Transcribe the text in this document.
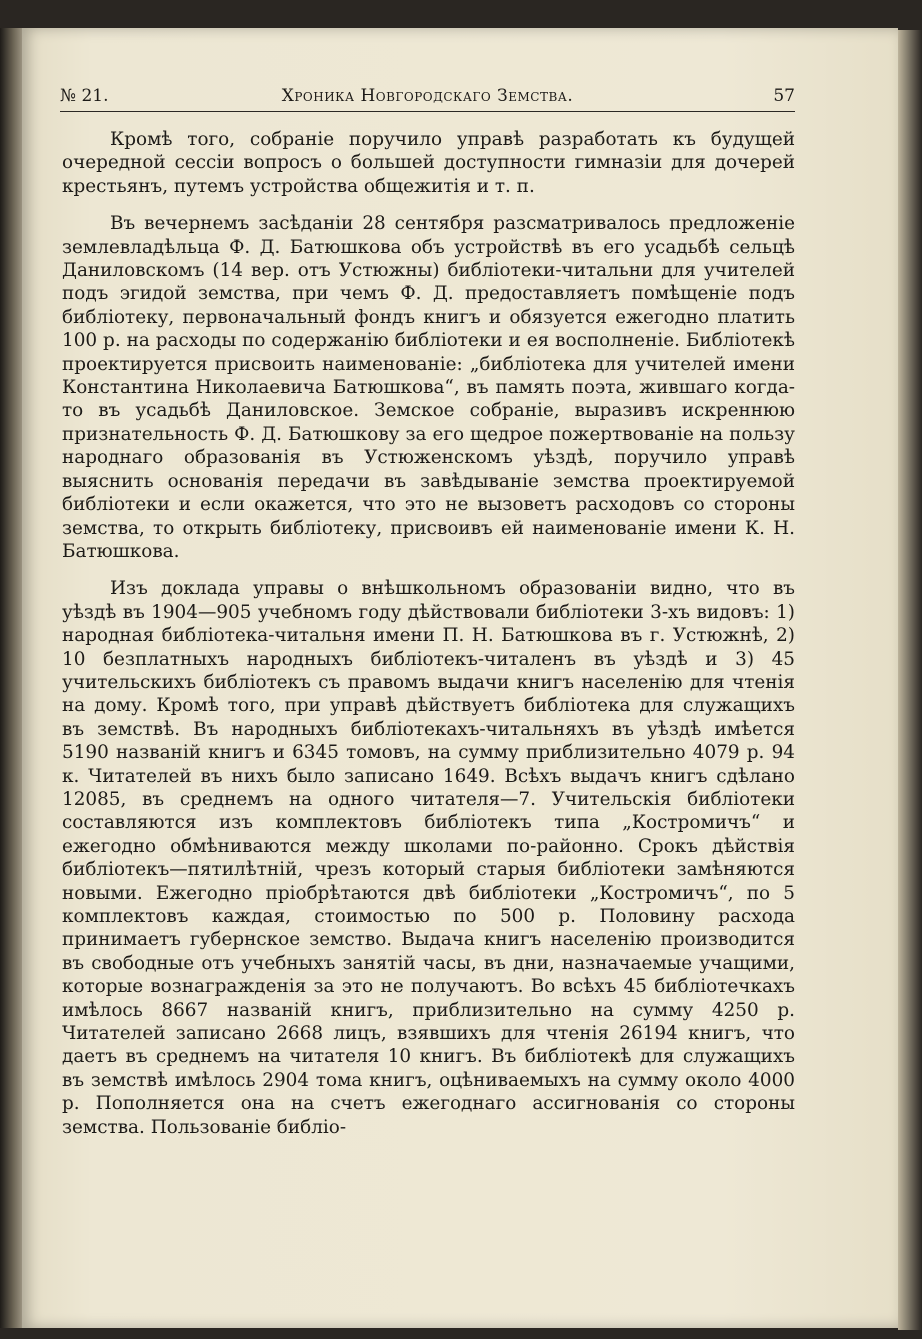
№ 21.	Хроника Новгородскаго Земства.	57

Кромѣ того, собраніе поручило управѣ разработать къ будущей очередной сессіи вопросъ о большей доступности гимназіи для дочерей крестьянъ, путемъ устройства общежитія и т. п.

Въ вечернемъ засѣданіи 28 сентября разсматривалось предложеніе землевладѣльца Ф. Д. Батюшкова объ устройствѣ въ его усадьбѣ сельцѣ Даниловскомъ (14 вер. отъ Устюжны) библіотеки-читальни для учителей подъ эгидой земства, при чемъ Ф. Д. предоставляетъ помѣщеніе подъ библіотеку, первоначальный фондъ книгъ и обязуется ежегодно платить 100 р. на расходы по содержанію библіотеки и ея восполненіе. Библіотекѣ проектируется присвоить наименованіе: „библіотека для учителей имени Константина Николаевича Батюшкова“, въ память поэта, жившаго когда-то въ усадьбѣ Даниловское. Земское собраніе, выразивъ искреннюю признательность Ф. Д. Батюшкову за его щедрое пожертвованіе на пользу народнаго образованія въ Устюженскомъ уѣздѣ, поручило управѣ выяснить основанія передачи въ завѣдываніе земства проектируемой библіотеки и если окажется, что это не вызоветъ расходовъ со стороны земства, то открыть библіотеку, присвоивъ ей наименованіе имени К. Н. Батюшкова.

Изъ доклада управы о внѣшкольномъ образованіи видно, что въ уѣздѣ въ 1904—905 учебномъ году дѣйствовали библіотеки 3-хъ видовъ: 1) народная библіотека-читальня имени П. Н. Батюшкова въ г. Устюжнѣ, 2) 10 безплатныхъ народныхъ библіотекъ-читаленъ въ уѣздѣ и 3) 45 учительскихъ библіотекъ съ правомъ выдачи книгъ населенію для чтенія на дому. Кромѣ того, при управѣ дѣйствуетъ библіотека для служащихъ въ земствѣ. Въ народныхъ библіотекахъ-читальняхъ въ уѣздѣ имѣется 5190 названій книгъ и 6345 томовъ, на сумму приблизительно 4079 р. 94 к. Читателей въ нихъ было записано 1649. Всѣхъ выдачъ книгъ сдѣлано 12085, въ среднемъ на одного читателя—7. Учительскія библіотеки составляются изъ комплектовъ библіотекъ типа „Костромичъ“ и ежегодно обмѣниваются между школами по-районно. Срокъ дѣйствія библіотекъ—пятилѣтній, чрезъ который старыя библіотеки замѣняются новыми. Ежегодно пріобрѣтаются двѣ библіотеки „Костромичъ“, по 5 комплектовъ каждая, стоимостью по 500 р. Половину расхода принимаетъ губернское земство. Выдача книгъ населенію производится въ свободные отъ учебныхъ занятій часы, въ дни, назначаемые учащими, которые вознагражденія за это не получаютъ. Во всѣхъ 45 библіотечкахъ имѣлось 8667 названій книгъ, приблизительно на сумму 4250 р. Читателей записано 2668 лицъ, взявшихъ для чтенія 26194 книгъ, что даетъ въ среднемъ на читателя 10 книгъ. Въ библіотекѣ для служащихъ въ земствѣ имѣлось 2904 тома книгъ, оцѣниваемыхъ на сумму около 4000 р. Пополняется она на счетъ ежегоднаго ассигнованія со стороны земства. Пользованіе библіо-
